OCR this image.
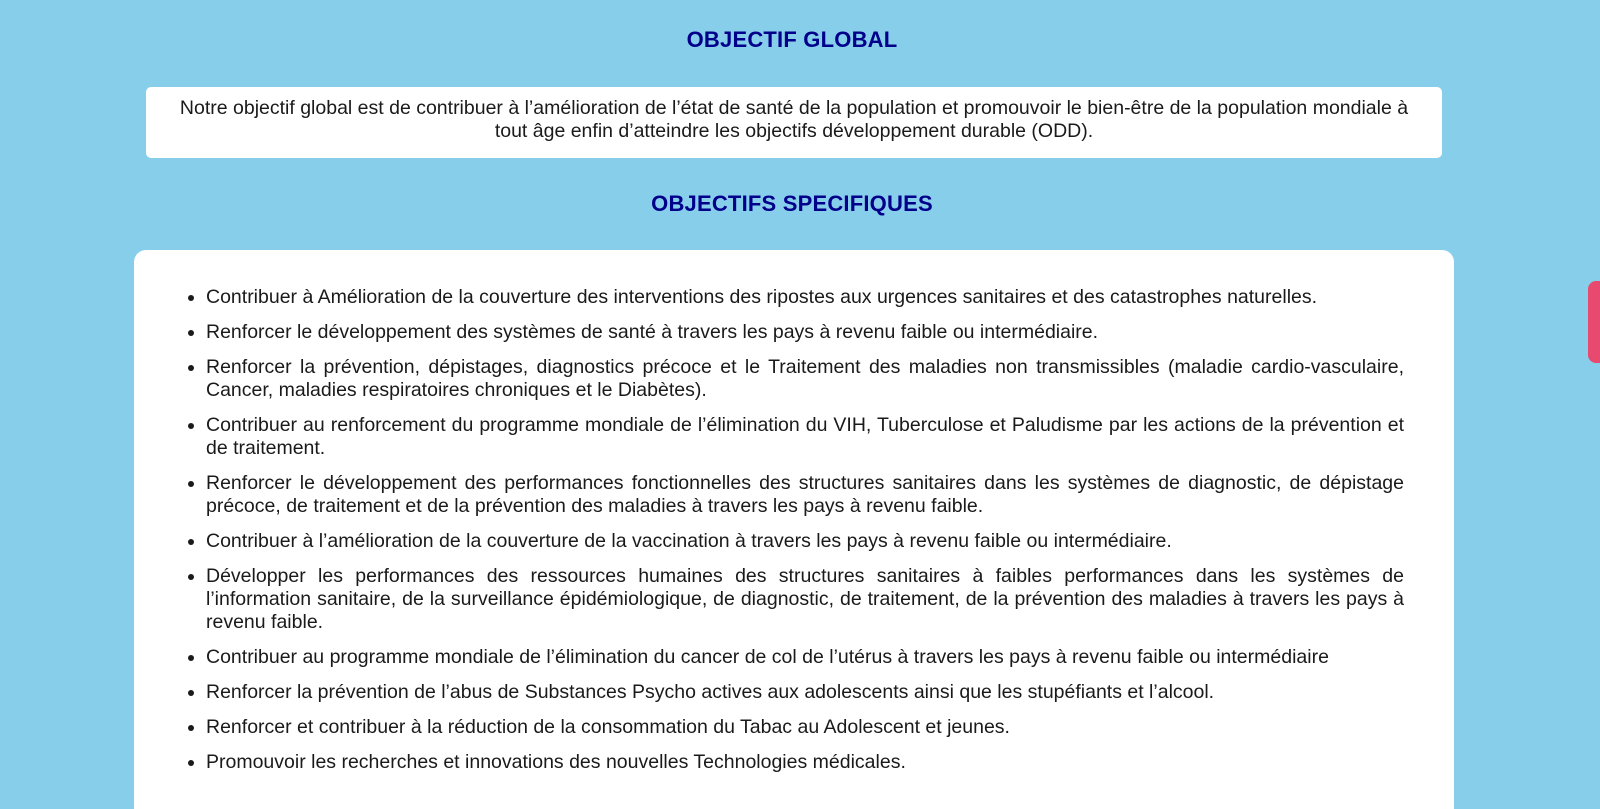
OBJECTIF GLOBAL
Notre objectif global est de contribuer à l’amélioration de l’état de santé de la population et promouvoir le bien-être de la population mondiale à tout âge enfin d’atteindre les objectifs développement durable (ODD).
OBJECTIFS SPECIFIQUES
• Contribuer à Amélioration de la couverture des interventions des ripostes aux urgences sanitaires et des catastrophes naturelles.
• Renforcer le développement des systèmes de santé à travers les pays à revenu faible ou intermédiaire.
• Renforcer la prévention, dépistages, diagnostics précoce et le Traitement des maladies non transmissibles (maladie cardio-vasculaire, Cancer, maladies respiratoires chroniques et le Diabètes).
• Contribuer au renforcement du programme mondiale de l’élimination du VIH, Tuberculose et Paludisme par les actions de la prévention et de traitement.
• Renforcer le développement des performances fonctionnelles des structures sanitaires dans les systèmes de diagnostic, de dépistage précoce, de traitement et de la prévention des maladies à travers les pays à revenu faible.
• Contribuer à l’amélioration de la couverture de la vaccination à travers les pays à revenu faible ou intermédiaire.
• Développer les performances des ressources humaines des structures sanitaires à faibles performances dans les systèmes de l’information sanitaire, de la surveillance épidémiologique, de diagnostic, de traitement, de la prévention des maladies à travers les pays à revenu faible.
• Contribuer au programme mondiale de l’élimination du cancer de col de l’utérus à travers les pays à revenu faible ou intermédiaire
• Renforcer la prévention de l’abus de Substances Psycho actives aux adolescents ainsi que les stupéfiants et l’alcool.
• Renforcer et contribuer à la réduction de la consommation du Tabac au Adolescent et jeunes.
• Promouvoir les recherches et innovations des nouvelles Technologies médicales.
